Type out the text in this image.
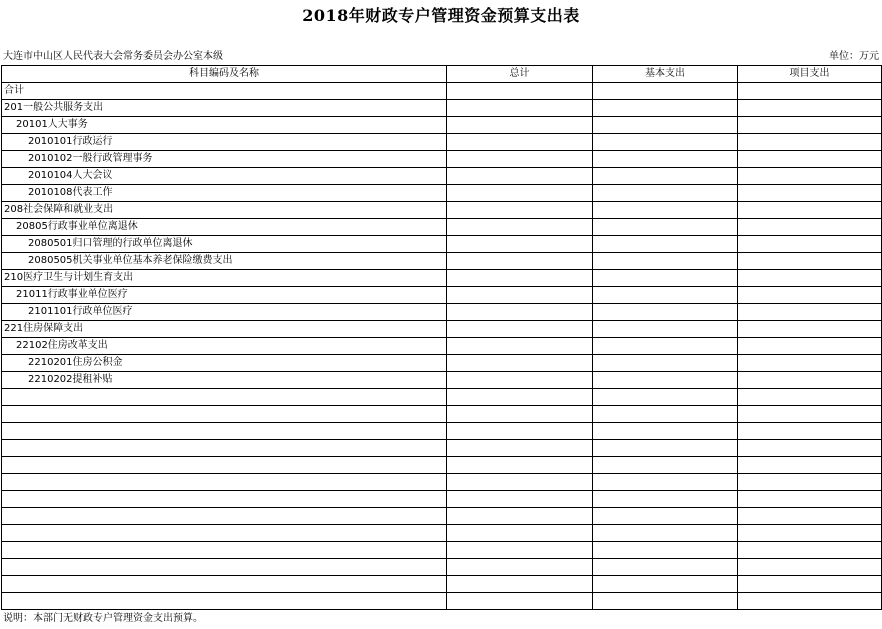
2018年财政专户管理资金预算支出表
大连市中山区人民代表大会常务委员会办公室本级	单位：万元
科目编码及名称	总计	基本支出	项目支出
合计			
201一般公共服务支出			
20101人大事务			
2010101行政运行			
2010102一般行政管理事务			
2010104人大会议			
2010108代表工作			
208社会保障和就业支出			
20805行政事业单位离退休			
2080501归口管理的行政单位离退休			
2080505机关事业单位基本养老保险缴费支出			
210医疗卫生与计划生育支出			
21011行政事业单位医疗			
2101101行政单位医疗			
221住房保障支出			
22102住房改革支出			
2210201住房公积金			
2210202提租补贴			

说明：本部门无财政专户管理资金支出预算。
